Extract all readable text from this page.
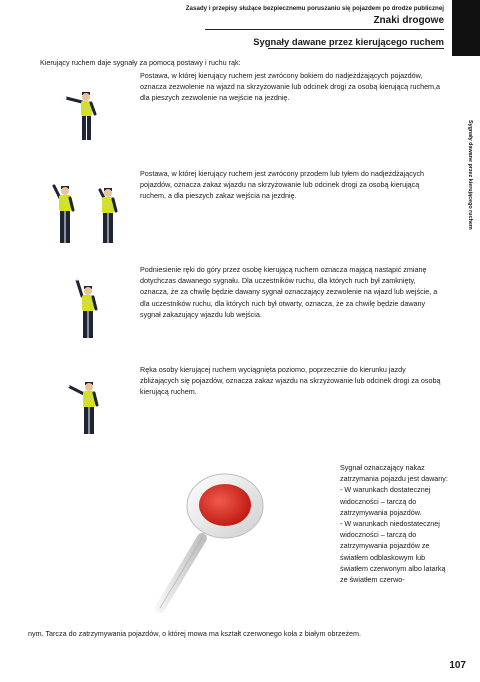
Sygnały dawane przez kierującego ruchem
Zasady i przepisy służące bezpiecznemu poruszaniu się pojazdem po drodze publicznej
Znaki drogowe
Sygnały dawane przez kierującego ruchem
Kierujący ruchem daje sygnały za pomocą postawy i ruchu rąk:
Postawa, w której kierujący ruchem jest zwrócony bokiem do nadjeżdżających pojazdów, oznacza zezwolenie na wjazd na skrzyżowanie lub odcinek drogi za osobą kierującą ruchem,a dla pieszych zezwolenie na wejście na jezdnię.
Postawa, w której kierujący ruchem jest zwrócony przodem lub tyłem do nadjeżdżających pojazdów, oznacza zakaz wjazdu na skrzyżowanie lub odcinek drogi za osobą kierującą ruchem, a dla pieszych zakaz wejścia na jezdnię.
Podniesienie ręki do góry przez osobę kierującą ruchem oznacza mającą nastąpić zmianę dotychczas dawanego sygnału. Dla uczestników ruchu, dla których ruch był zamknięty, oznacza, że za chwilę będzie dawany sygnał oznaczający zezwolenie na wjazd lub wejście, a dla uczestników ruchu, dla których ruch był otwarty, oznacza, że za chwilę będzie dawany sygnał zakazujący wjazdu lub wejścia.
Ręka osoby kierującej ruchem wyciągnięta poziomo, poprzecznie do kierunku jazdy zbliżających się pojazdów, oznacza zakaz wjazdu na skrzyżowanie lub odcinek drogi za osobą kierującą ruchem.
Sygnał oznaczający nakaz zatrzymania pojazdu jest dawany:
- W warunkach dostatecznej widoczności – tarczą do zatrzymywania pojazdów.
- W warunkach niedostatecznej widoczności – tarczą do zatrzymywania pojazdów ze światłem odblaskowym lub światłem czerwonym albo latarką ze światłem czerwo-
nym. Tarcza do zatrzymywania pojazdów, o której mowa ma kształt czerwonego koła z białym obrzeżem.
107
